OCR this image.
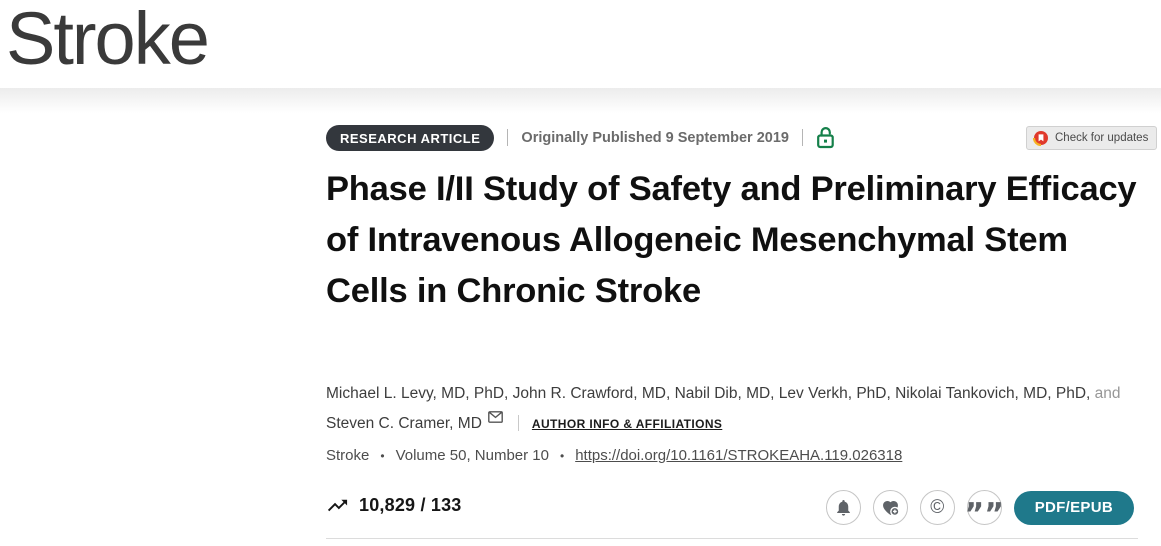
Stroke
RESEARCH ARTICLE	Originally Published 9 September 2019	Check for updates
Phase I/II Study of Safety and Preliminary Efficacy of Intravenous Allogeneic Mesenchymal Stem Cells in Chronic Stroke

Michael L. Levy, MD, PhD, John R. Crawford, MD, Nabil Dib, MD, Lev Verkh, PhD, Nikolai Tankovich, MD, PhD, and Steven C. Cramer, MD	AUTHOR INFO & AFFILIATIONS

Stroke • Volume 50, Number 10 • https://doi.org/10.1161/STROKEAHA.119.026318
10,829 / 133	© ””	PDF/EPUB
